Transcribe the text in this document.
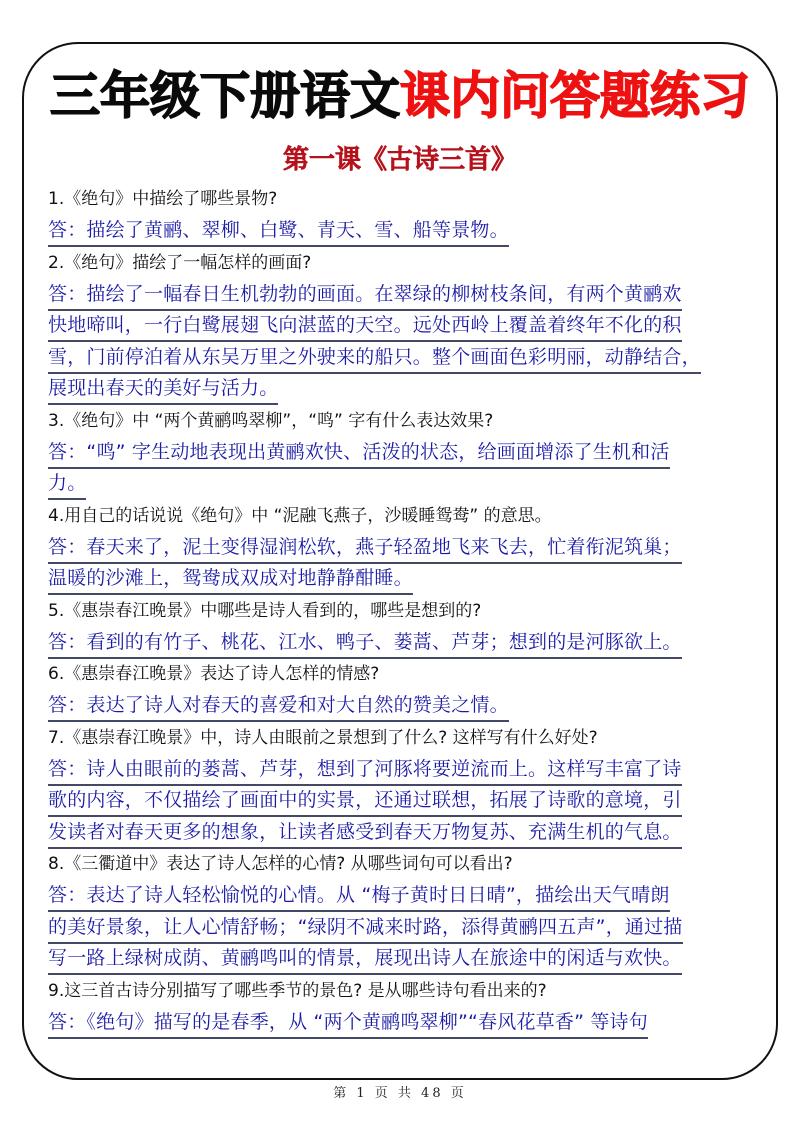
三年级下册语文课内问答题练习
第一课《古诗三首》
1.《绝句》中描绘了哪些景物?
答：描绘了黄鹂、翠柳、白鹭、青天、雪、船等景物。
2.《绝句》描绘了一幅怎样的画面?
答：描绘了一幅春日生机勃勃的画面。在翠绿的柳树枝条间，有两个黄鹂欢
快地啼叫，一行白鹭展翅飞向湛蓝的天空。远处西岭上覆盖着终年不化的积
雪，门前停泊着从东吴万里之外驶来的船只。整个画面色彩明丽，动静结合，
展现出春天的美好与活力。
3.《绝句》中 “两个黄鹂鸣翠柳”，“鸣” 字有什么表达效果?
答：“鸣” 字生动地表现出黄鹂欢快、活泼的状态，给画面增添了生机和活
力。
4.用自己的话说说《绝句》中 “泥融飞燕子，沙暖睡鸳鸯” 的意思。
答：春天来了，泥土变得湿润松软，燕子轻盈地飞来飞去，忙着衔泥筑巢；
温暖的沙滩上，鸳鸯成双成对地静静酣睡。
5.《惠崇春江晚景》中哪些是诗人看到的，哪些是想到的?
答：看到的有竹子、桃花、江水、鸭子、蒌蒿、芦芽；想到的是河豚欲上。
6.《惠崇春江晚景》表达了诗人怎样的情感?
答：表达了诗人对春天的喜爱和对大自然的赞美之情。
7.《惠崇春江晚景》中，诗人由眼前之景想到了什么? 这样写有什么好处?
答：诗人由眼前的蒌蒿、芦芽，想到了河豚将要逆流而上。这样写丰富了诗
歌的内容，不仅描绘了画面中的实景，还通过联想，拓展了诗歌的意境，引
发读者对春天更多的想象，让读者感受到春天万物复苏、充满生机的气息。
8.《三衢道中》表达了诗人怎样的心情? 从哪些词句可以看出?
答：表达了诗人轻松愉悦的心情。从 “梅子黄时日日晴”，描绘出天气晴朗
的美好景象，让人心情舒畅；“绿阴不减来时路，添得黄鹂四五声”，通过描
写一路上绿树成荫、黄鹂鸣叫的情景，展现出诗人在旅途中的闲适与欢快。
9.这三首古诗分别描写了哪些季节的景色? 是从哪些诗句看出来的?
答：《绝句》描写的是春季，从 “两个黄鹂鸣翠柳”“春风花草香” 等诗句
第 1 页 共 48 页
